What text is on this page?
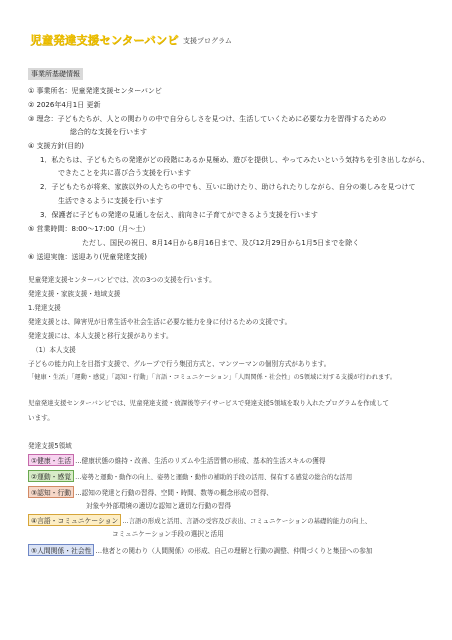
児童発達支援センターバンビ 支援プログラム
事業所基礎情報
① 事業所名：児童発達支援センターバンビ
② 2026年4月1日 更新
③ 理念：子どもたちが、人との関わりの中で自分らしさを見つけ、生活していくために必要な力を習得するための
総合的な支援を行います
④ 支援方針(目的)
1．私たちは、子どもたちの発達がどの段階にあるか見極め、遊びを提供し、やってみたいという気持ちを引き出しながら、
できたことを共に喜び合う支援を行います
2．子どもたちが将来、家族以外の人たちの中でも、互いに助けたり、助けられたりしながら、自分の楽しみを見つけて
生活できるように支援を行います
3．保護者に子どもの発達の見通しを伝え、前向きに子育てができるよう支援を行います
⑤ 営業時間：8:00～17:00（月～土）
ただし、国民の祝日、8月14日から8月16日まで、及び12月29日から1月5日までを除く
⑥ 送迎実施：送迎あり(児童発達支援)
児童発達支援センターバンビでは、次の3つの支援を行います。
発達支援・家族支援・地域支援
1.発達支援
発達支援とは、障害児が日常生活や社会生活に必要な能力を身に付けるための支援です。
発達支援には、本人支援と移行支援があります。
（1）本人支援
子どもの能力向上を目指す支援で、グループで行う集団方式と、マンツーマンの個別方式があります。
「健康・生活」「運動・感覚」「認知・行動」「言語・コミュニケーション」「人間関係・社会性」の5領域に対する支援が行われます。
児童発達支援センターバンビでは、児童発達支援・放課後等デイサービスで発達支援5領域を取り入れたプログラムを作成して
います。
発達支援5領域
①健康・生活 …健康状態の維持・改善、生活のリズムや生活習慣の形成、基本的生活スキルの獲得
②運動・感覚 …姿勢と運動・動作の向上、姿勢と運動・動作の補助的手段の活用、保有する感覚の総合的な活用
③認知・行動 …認知の発達と行動の習得、空間・時間、数等の概念形成の習得、
対象や外部環境の適切な認知と適切な行動の習得
④言語・コミュニケーション …言語の形成と活用、言語の受容及び表出、コミュニケーションの基礎的能力の向上、
コミュニケーション手段の選択と活用
⑤人間関係・社会性 …他者との関わり（人間関係）の形成、自己の理解と行動の調整、仲間づくりと集団への参加
